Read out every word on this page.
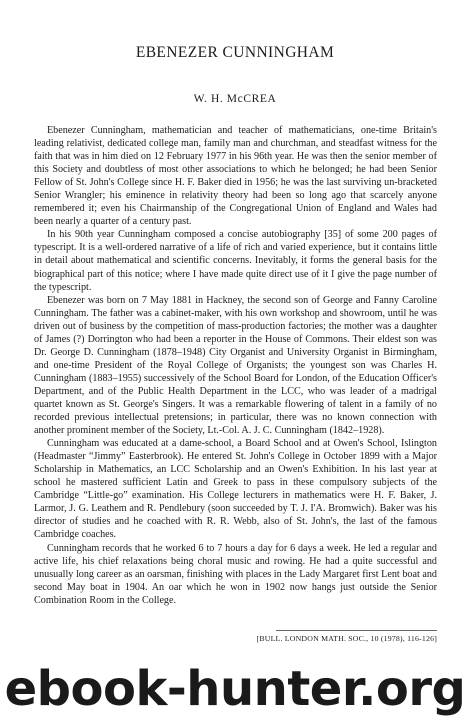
EBENEZER CUNNINGHAM
W. H. McCREA

Ebenezer Cunningham, mathematician and teacher of mathematicians, one-time Britain's leading relativist, dedicated college man, family man and churchman, and steadfast witness for the faith that was in him died on 12 February 1977 in his 96th year. He was then the senior member of this Society and doubtless of most other associations to which he belonged; he had been Senior Fellow of St. John's College since H. F. Baker died in 1956; he was the last surviving un-bracketed Senior Wrangler; his eminence in relativity theory had been so long ago that scarcely anyone remembered it; even his Chairmanship of the Congregational Union of England and Wales had been nearly a quarter of a century past.

In his 90th year Cunningham composed a concise autobiography [35] of some 200 pages of typescript. It is a well-ordered narrative of a life of rich and varied experience, but it contains little in detail about mathematical and scientific concerns. Inevitably, it forms the general basis for the biographical part of this notice; where I have made quite direct use of it I give the page number of the typescript.

Ebenezer was born on 7 May 1881 in Hackney, the second son of George and Fanny Caroline Cunningham. The father was a cabinet-maker, with his own workshop and showroom, until he was driven out of business by the competition of mass-production factories; the mother was a daughter of James (?) Dorrington who had been a reporter in the House of Commons. Their eldest son was Dr. George D. Cunningham (1878–1948) City Organist and University Organist in Birmingham, and one-time President of the Royal College of Organists; the youngest son was Charles H. Cunningham (1883–1955) successively of the School Board for London, of the Education Officer's Department, and of the Public Health Department in the LCC, who was leader of a madrigal quartet known as St. George's Singers. It was a remarkable flowering of talent in a family of no recorded previous intellectual pretensions; in particular, there was no known connection with another prominent member of the Society, Lt.-Col. A. J. C. Cunningham (1842–1928).

Cunningham was educated at a dame-school, a Board School and at Owen's School, Islington (Headmaster “Jimmy” Easterbrook). He entered St. John's College in October 1899 with a Major Scholarship in Mathematics, an LCC Scholarship and an Owen's Exhibition. In his last year at school he mastered sufficient Latin and Greek to pass in these compulsory subjects of the Cambridge “Little-go” examination. His College lecturers in mathematics were H. F. Baker, J. Larmor, J. G. Leathem and R. Pendlebury (soon succeeded by T. J. I'A. Bromwich). Baker was his director of studies and he coached with R. R. Webb, also of St. John's, the last of the famous Cambridge coaches.

Cunningham records that he worked 6 to 7 hours a day for 6 days a week. He led a regular and active life, his chief relaxations being choral music and rowing. He had a quite successful and unusually long career as an oarsman, finishing with places in the Lady Margaret first Lent boat and second May boat in 1904. An oar which he won in 1902 now hangs just outside the Senior Combination Room in the College.

[BULL. LONDON MATH. SOC., 10 (1978), 116-126]
ebook-hunter.org
